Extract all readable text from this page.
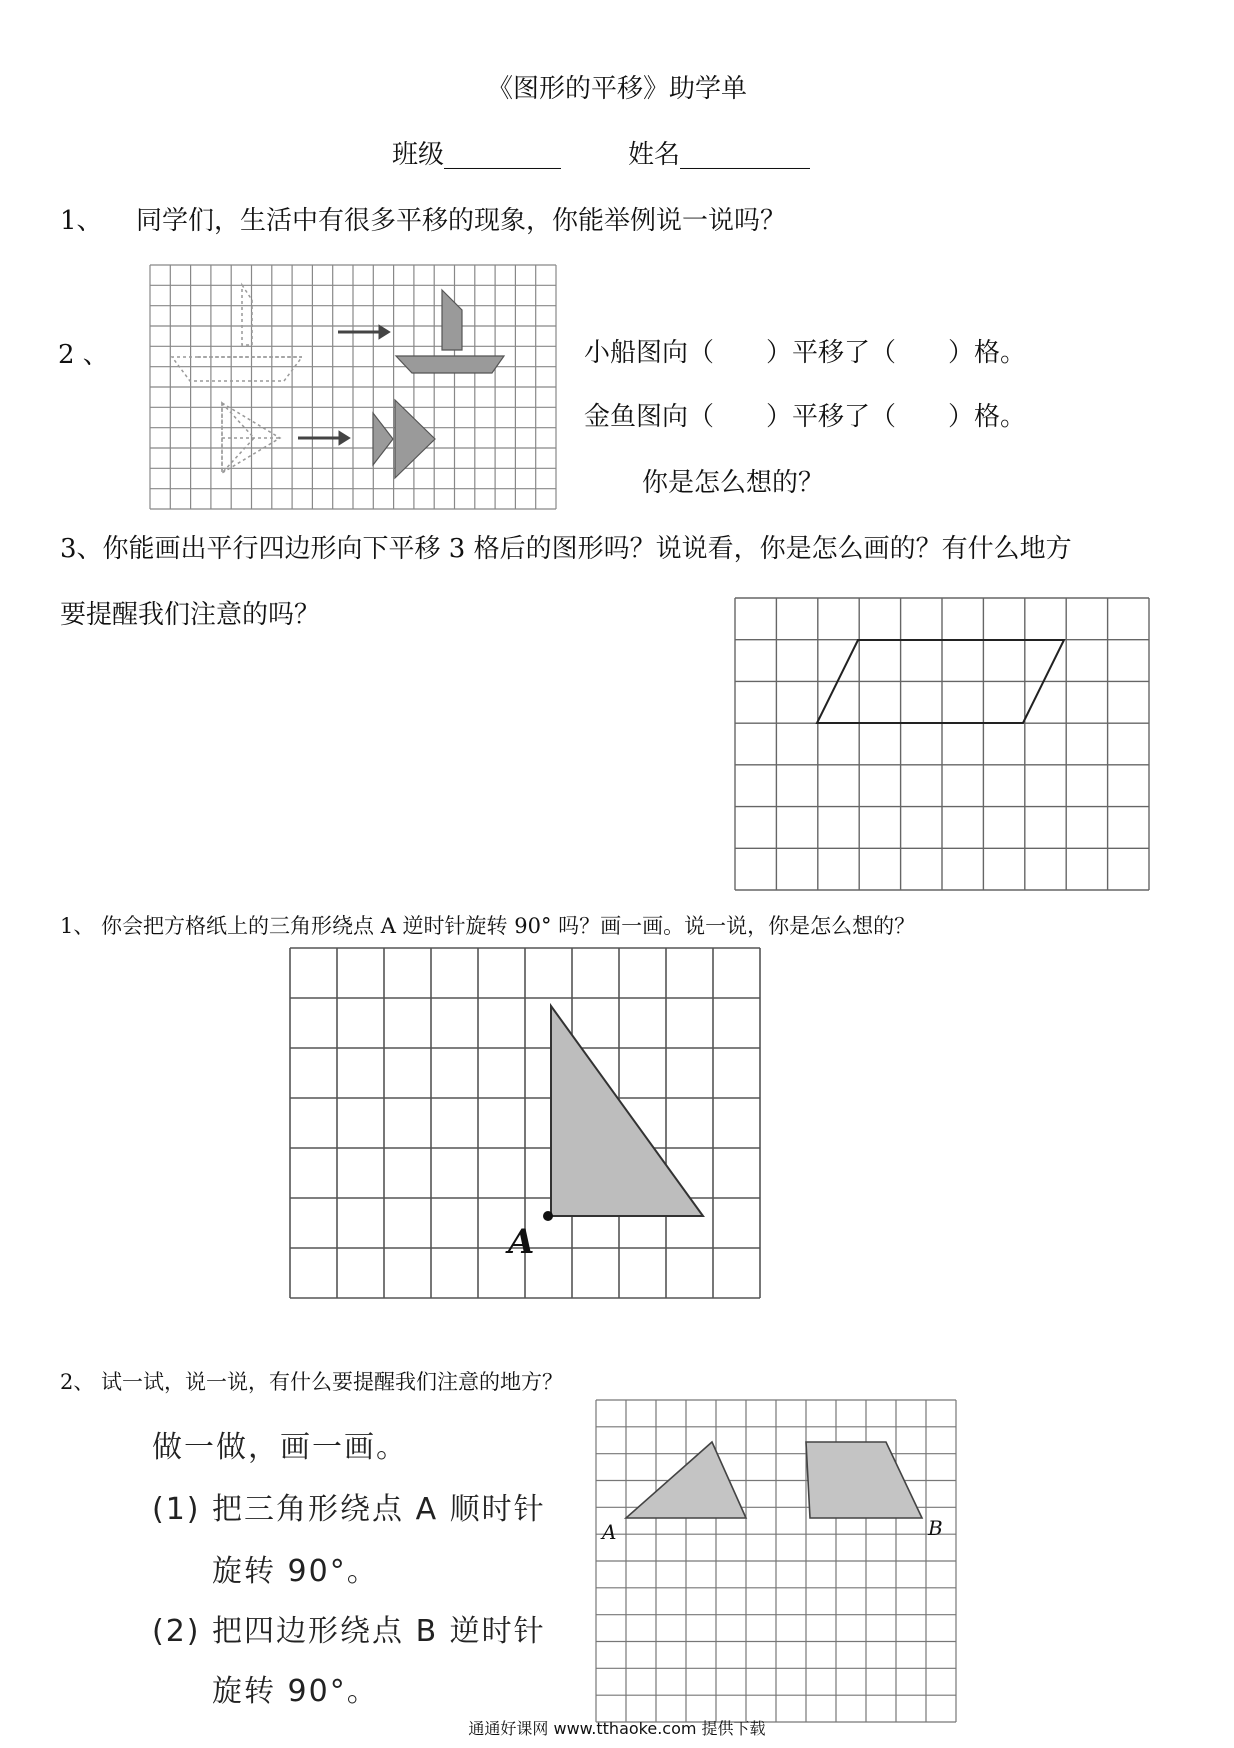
《图形的平移》助学单
班级_________	姓名__________
1、 同学们，生活中有很多平移的现象，你能举例说一说吗？
2 、	小船图向（　　）平移了（　　）格。
金鱼图向（　　）平移了（　　）格。
你是怎么想的？
3、你能画出平行四边形向下平移 3 格后的图形吗？说说看，你是怎么画的？有什么地方
要提醒我们注意的吗？
1、 你会把方格纸上的三角形绕点 A 逆时针旋转 90° 吗？画一画。说一说，你是怎么想的？
A
2、 试一试，说一说，有什么要提醒我们注意的地方？
做一做，画一画。
(1) 把三角形绕点 A 顺时针
旋转 90°。
(2) 把四边形绕点 B 逆时针
旋转 90°。
A	B
通通好课网 www.tthaoke.com 提供下载
